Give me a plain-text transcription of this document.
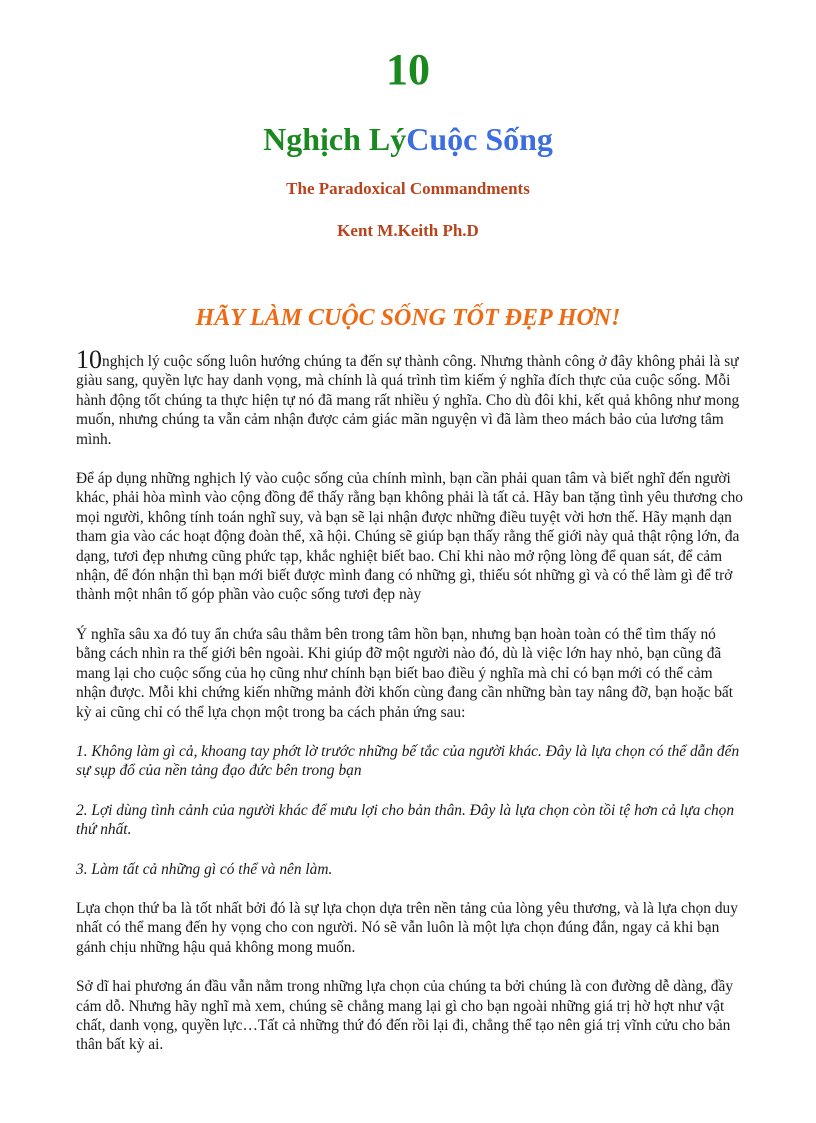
10
Nghịch LýCuộc Sống
The Paradoxical Commandments
Kent M.Keith Ph.D
HÃY LÀM CUỘC SỐNG TỐT ĐẸP HƠN!

10nghịch lý cuộc sống luôn hướng chúng ta đến sự thành công. Nhưng thành công ở đây không phải là sự giàu sang, quyền lực hay danh vọng, mà chính là quá trình tìm kiếm ý nghĩa đích thực của cuộc sống. Mỗi hành động tốt chúng ta thực hiện tự nó đã mang rất nhiều ý nghĩa. Cho dù đôi khi, kết quả không như mong muốn, nhưng chúng ta vẫn cảm nhận được cảm giác mãn nguyện vì đã làm theo mách bảo của lương tâm mình.

Để áp dụng những nghịch lý vào cuộc sống của chính mình, bạn cần phải quan tâm và biết nghĩ đến người khác, phải hòa mình vào cộng đồng để thấy rằng bạn không phải là tất cả. Hãy ban tặng tình yêu thương cho mọi người, không tính toán nghĩ suy, và bạn sẽ lại nhận được những điều tuyệt vời hơn thế. Hãy mạnh dạn tham gia vào các hoạt động đoàn thể, xã hội. Chúng sẽ giúp bạn thấy rằng thế giới này quả thật rộng lớn, đa dạng, tươi đẹp nhưng cũng phức tạp, khắc nghiệt biết bao. Chỉ khi nào mở rộng lòng để quan sát, để cảm nhận, để đón nhận thì bạn mới biết được mình đang có những gì, thiếu sót những gì và có thể làm gì để trở thành một nhân tố góp phần vào cuộc sống tươi đẹp này

Ý nghĩa sâu xa đó tuy ẩn chứa sâu thẳm bên trong tâm hồn bạn, nhưng bạn hoàn toàn có thể tìm thấy nó bằng cách nhìn ra thế giới bên ngoài. Khi giúp đỡ một người nào đó, dù là việc lớn hay nhỏ, bạn cũng đã mang lại cho cuộc sống của họ cũng như chính bạn biết bao điều ý nghĩa mà chỉ có bạn mới có thể cảm nhận được. Mỗi khi chứng kiến những mảnh đời khốn cùng đang cần những bàn tay nâng đỡ, bạn hoặc bất kỳ ai cũng chỉ có thể lựa chọn một trong ba cách phản ứng sau:

1. Không làm gì cả, khoang tay phớt lờ trước những bế tắc của người khác. Đây là lựa chọn có thể dẫn đến sự sụp đổ của nền tảng đạo đức bên trong bạn

2. Lợi dùng tình cảnh của người khác để mưu lợi cho bản thân. Đây là lựa chọn còn tồi tệ hơn cả lựa chọn thứ nhất.

3. Làm tất cả những gì có thể và nên làm.

Lựa chọn thứ ba là tốt nhất bởi đó là sự lựa chọn dựa trên nền tảng của lòng yêu thương, và là lựa chọn duy nhất có thể mang đến hy vọng cho con người. Nó sẽ vẫn luôn là một lựa chọn đúng đắn, ngay cả khi bạn gánh chịu những hậu quả không mong muốn.

Sở dĩ hai phương án đầu vẫn nằm trong những lựa chọn của chúng ta bởi chúng là con đường dễ dàng, đầy cám dỗ. Nhưng hãy nghĩ mà xem, chúng sẽ chẳng mang lại gì cho bạn ngoài những giá trị hờ hợt như vật chất, danh vọng, quyền lực…Tất cả những thứ đó đến rồi lại đi, chẳng thể tạo nên giá trị vĩnh cửu cho bản thân bất kỳ ai.
